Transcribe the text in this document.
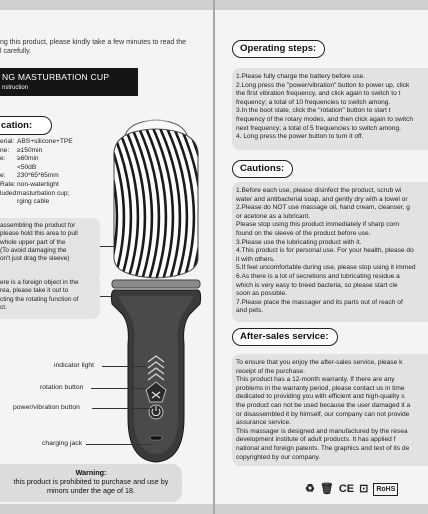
ng this product, please kindly take a few minutes to read the
l carefully.
NG MASTURBATION CUP
nstruction
cation:
erial: ABS+silicone+TPE
ne:	≥150min
e:	≥60min
<50dB
e:	230*65*65mm
Rate: non-watertight
luded: masturbation cup;
rging cable

assembling the product for

please hold this area to pull

whole upper part of the

(To avoid damaging the

on't just drag the sleeve)

ere is a foreign object in the

rea, please take it out to

cting the rotating function of

ct.

indicator light
rotation button
power/vibration button
charging jack
Warning:
this product is prohibited to purchase and use by
minors under the age of 18.
Operating steps:

1.Please fully charge the battery before use.

2.Long press the "power/vibration" button to power up, click

the first vibration frequency, and click again to switch to t

frequency; a total of 10 frequencies to switch among.

3.In the boot state, click the "rotation" button to start t

frequency of the rotary modes, and then click again to switch

next frequency; a total of 5 frequencies to switch among.

4. Long press the power button to turn it off.

Cautions:

1.Before each use, please disinfect the product, scrub wi

water and antibacterial soap, and gently dry with a towel or

2.Please do NOT use massage oil, hand cream, cleanser, g

or acetone as a lubricant.

Please stop using this product immediately if sharp corn

found on the sleeve of the product before use.

3.Please use the lubricating product with it.

4.This product is for personal use. For your health, please do

it with others.

5.If feel uncomfortable during use, please stop using it immed

6.As there is a lot of secretions and lubricating residue a

which is very easy to breed bacteria, so please start cle

soon as possible.

7.Please place the massager and its parts out of reach of

and pets.

After-sales service:

To ensure that you enjoy the after-sales service, please k

receipt of the purchase.

This product has a 12-month warranty. If there are any

problems in the warranty period, please contact us in time

dedicated to providing you with efficient and high-quality s

the product can not be used because the user damaged it a

or disassembled it by himself, our company can not provide

assurance service.

This massager is designed and manufactured by the resea

development institute of adult products. It has applied f

national and foreign patents. The graphics and text of its de

copyrighted by our company.

♻ 🗑 CE ⊡	RoHS
